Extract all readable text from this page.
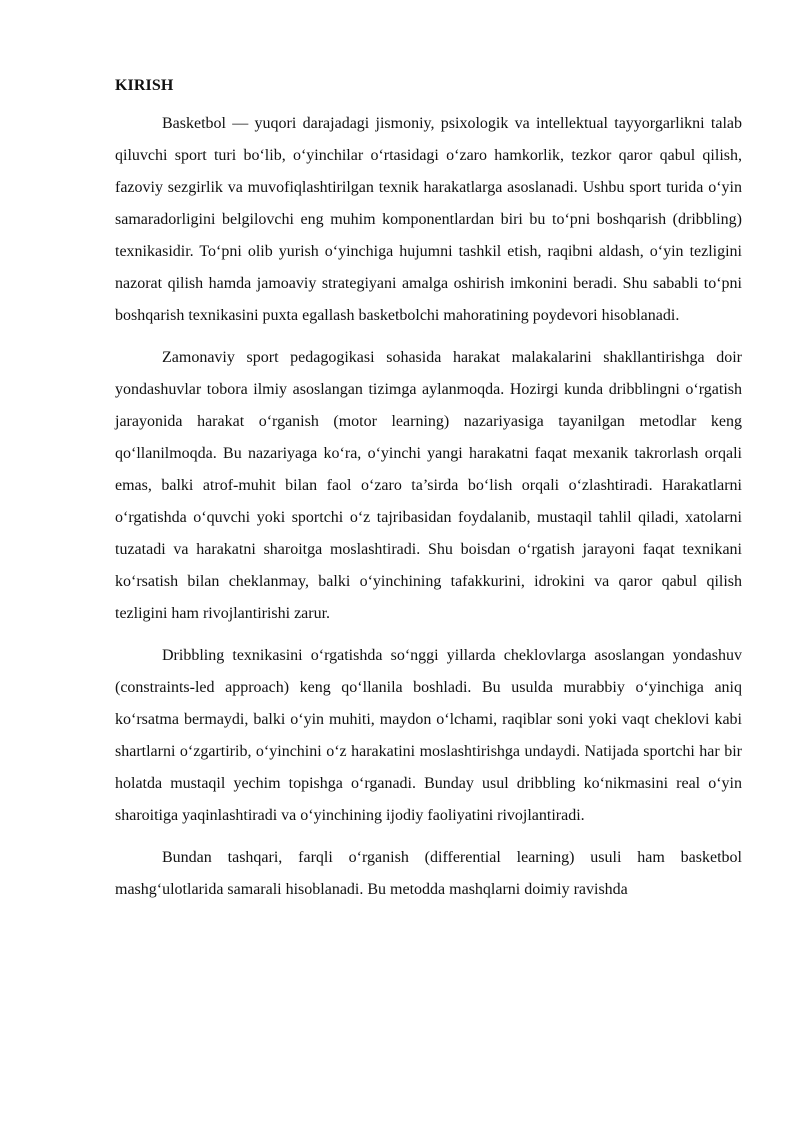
KIRISH

Basketbol — yuqori darajadagi jismoniy, psixologik va intellektual tayyorgarlikni talab qiluvchi sport turi bo‘lib, o‘yinchilar o‘rtasidagi o‘zaro hamkorlik, tezkor qaror qabul qilish, fazoviy sezgirlik va muvofiqlashtirilgan texnik harakatlarga asoslanadi. Ushbu sport turida o‘yin samaradorligini belgilovchi eng muhim komponentlardan biri bu to‘pni boshqarish (dribbling) texnikasidir. To‘pni olib yurish o‘yinchiga hujumni tashkil etish, raqibni aldash, o‘yin tezligini nazorat qilish hamda jamoaviy strategiyani amalga oshirish imkonini beradi. Shu sababli to‘pni boshqarish texnikasini puxta egallash basketbolchi mahoratining poydevori hisoblanadi.

Zamonaviy sport pedagogikasi sohasida harakat malakalarini shakllantirishga doir yondashuvlar tobora ilmiy asoslangan tizimga aylanmoqda. Hozirgi kunda dribblingni o‘rgatish jarayonida harakat o‘rganish (motor learning) nazariyasiga tayanilgan metodlar keng qo‘llanilmoqda. Bu nazariyaga ko‘ra, o‘yinchi yangi harakatni faqat mexanik takrorlash orqali emas, balki atrof-muhit bilan faol o‘zaro ta’sirda bo‘lish orqali o‘zlashtiradi. Harakatlarni o‘rgatishda o‘quvchi yoki sportchi o‘z tajribasidan foydalanib, mustaqil tahlil qiladi, xatolarni tuzatadi va harakatni sharoitga moslashtiradi. Shu boisdan o‘rgatish jarayoni faqat texnikani ko‘rsatish bilan cheklanmay, balki o‘yinchining tafakkurini, idrokini va qaror qabul qilish tezligini ham rivojlantirishi zarur.

Dribbling texnikasini o‘rgatishda so‘nggi yillarda cheklovlarga asoslangan yondashuv (constraints-led approach) keng qo‘llanila boshladi. Bu usulda murabbiy o‘yinchiga aniq ko‘rsatma bermaydi, balki o‘yin muhiti, maydon o‘lchami, raqiblar soni yoki vaqt cheklovi kabi shartlarni o‘zgartirib, o‘yinchini o‘z harakatini moslashtirishga undaydi. Natijada sportchi har bir holatda mustaqil yechim topishga o‘rganadi. Bunday usul dribbling ko‘nikmasini real o‘yin sharoitiga yaqinlashtiradi va o‘yinchining ijodiy faoliyatini rivojlantiradi.

Bundan tashqari, farqli o‘rganish (differential learning) usuli ham basketbol mashg‘ulotlarida samarali hisoblanadi. Bu metodda mashqlarni doimiy ravishda
